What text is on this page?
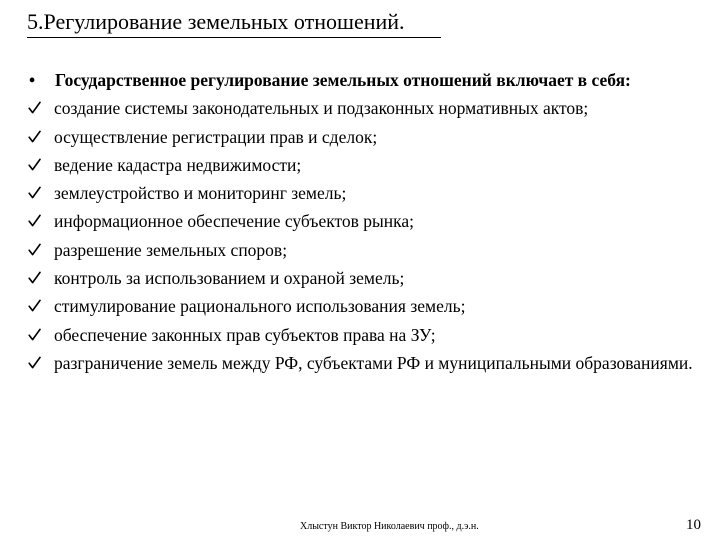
5.Регулирование земельных отношений.
•	Государственное регулирование земельных отношений включает в себя:
создание системы законодательных и подзаконных нормативных актов;
осуществление регистрации прав и сделок;
ведение кадастра недвижимости;
землеустройство и мониторинг земель;
информационное обеспечение субъектов рынка;
разрешение земельных споров;
контроль за использованием и охраной земель;
стимулирование рационального использования земель;
обеспечение законных прав субъектов права на ЗУ;
разграничение земель между РФ, субъектами РФ и муниципальными образованиями.
Хлыстун Виктор Николаевич проф., д.э.н.	10
